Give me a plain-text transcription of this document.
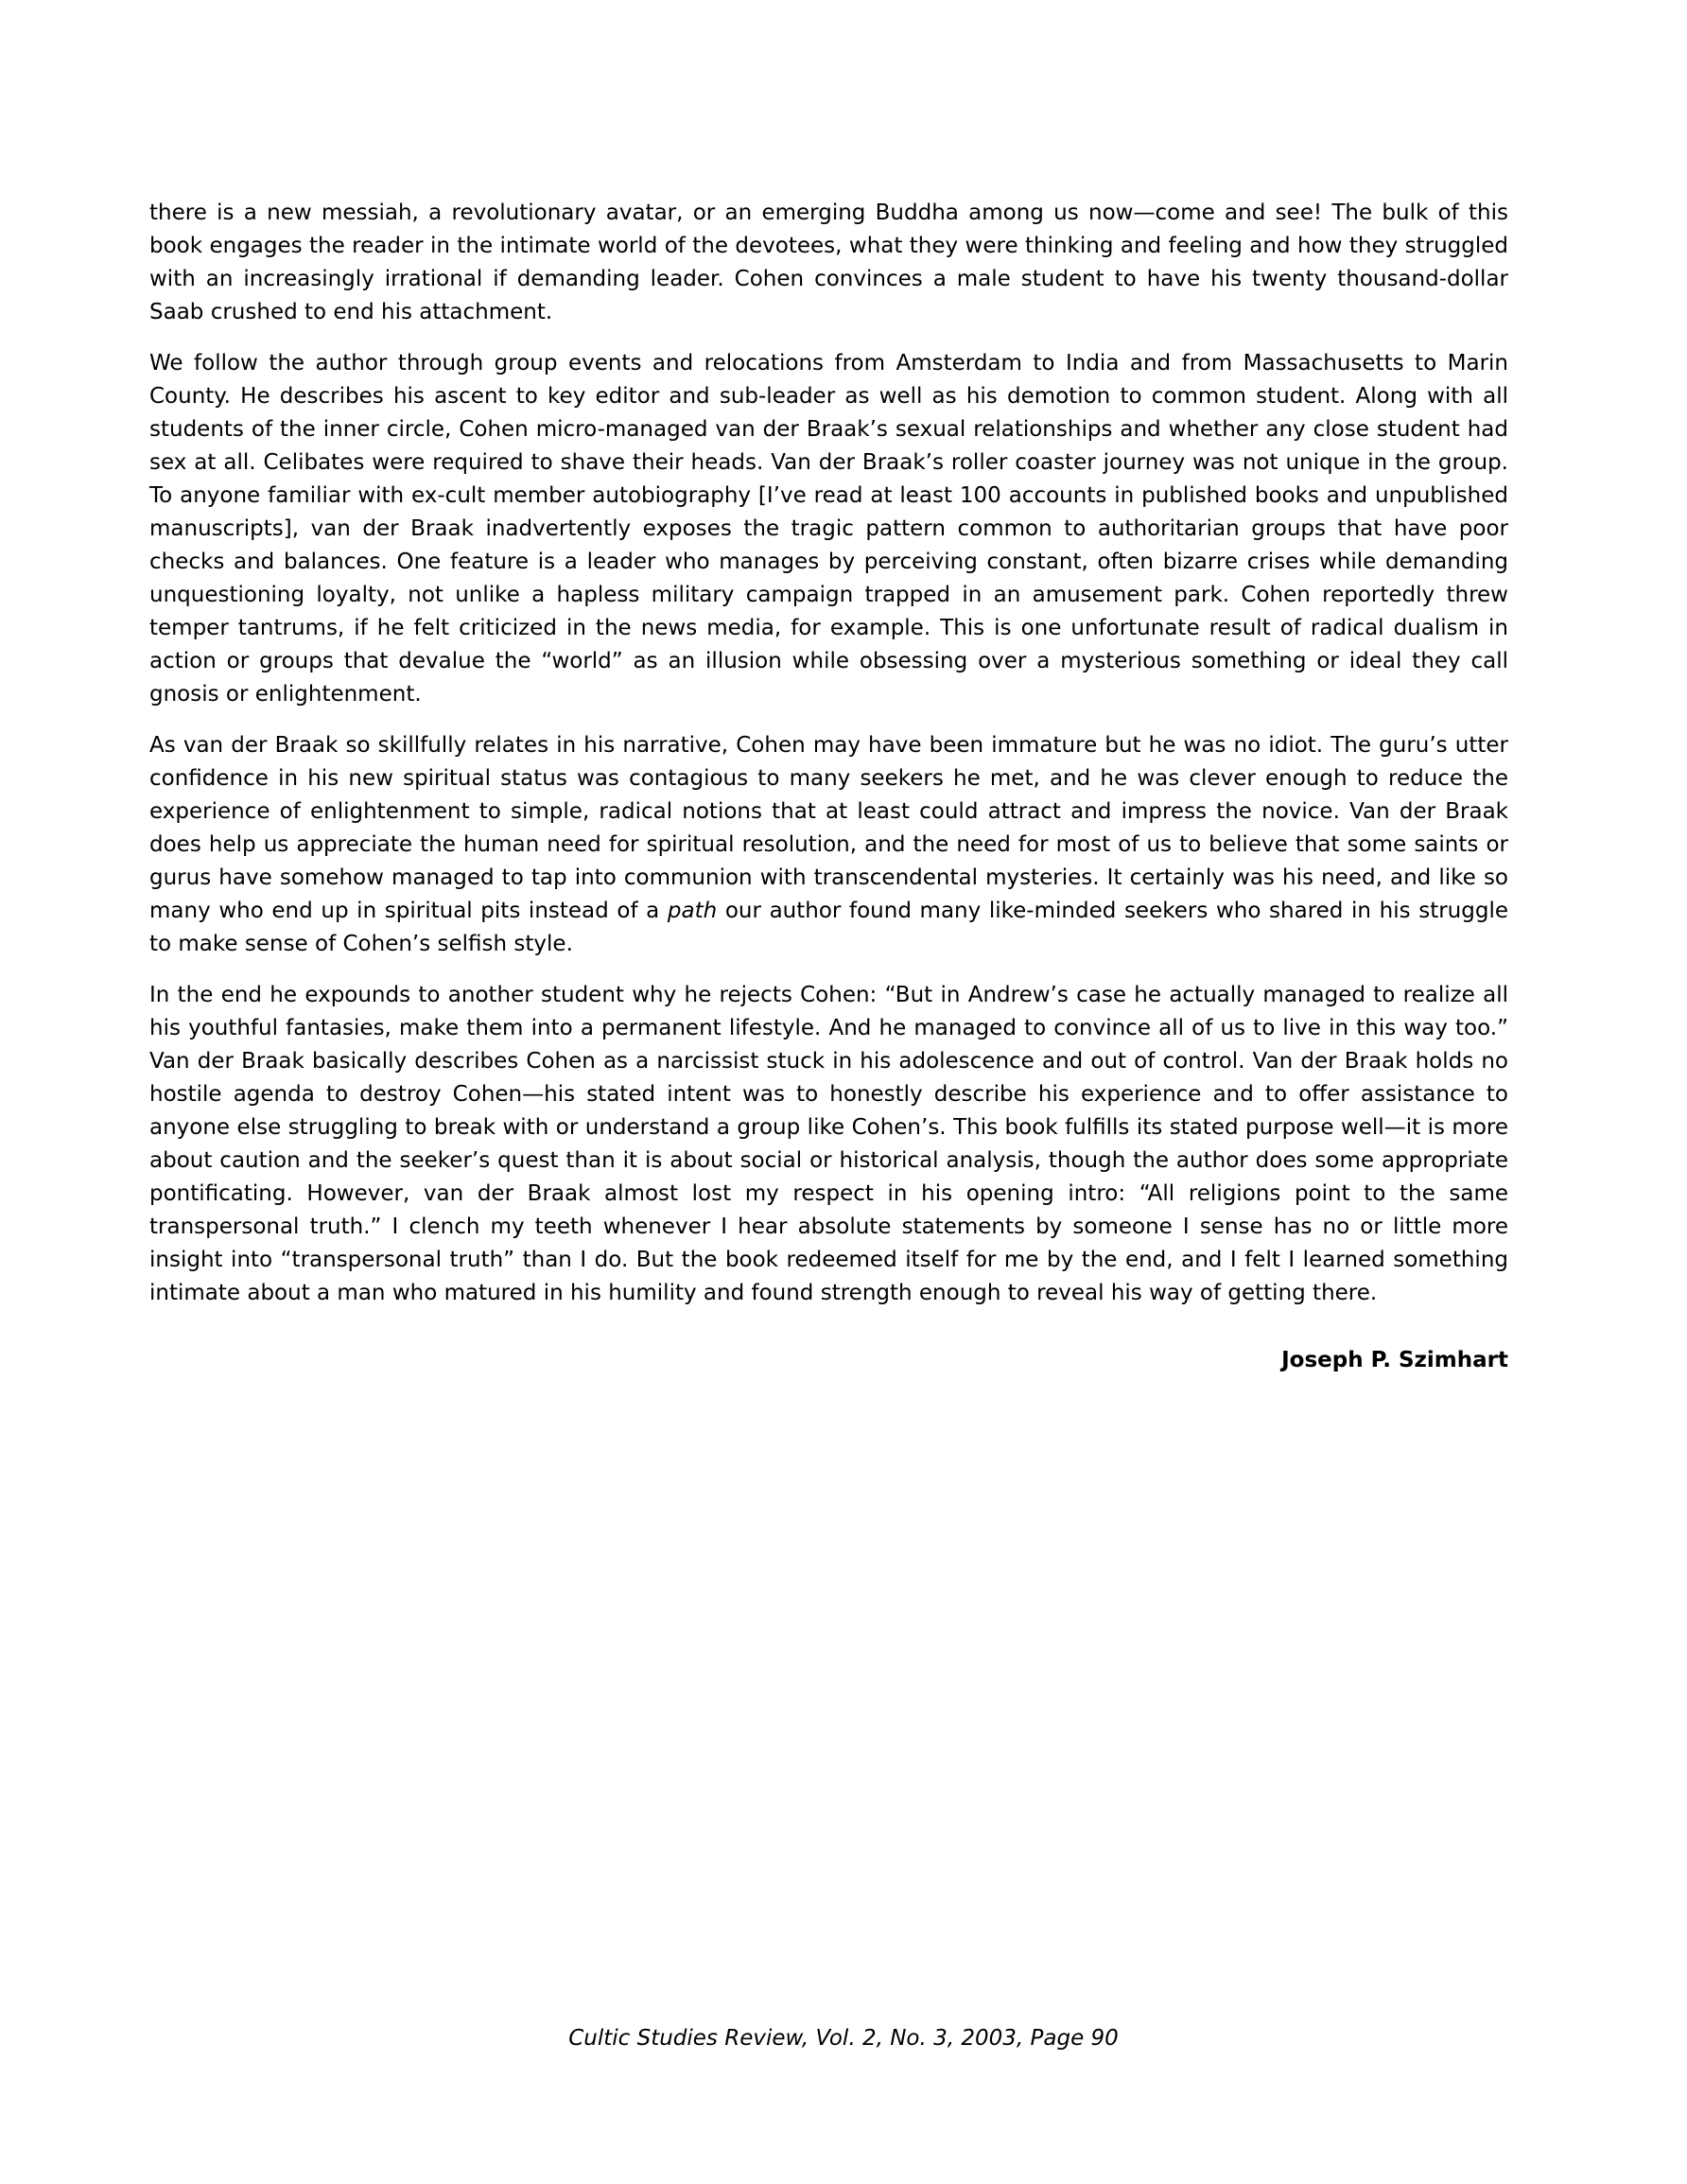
there is a new messiah, a revolutionary avatar, or an emerging Buddha among us now—come and see! The bulk of this book engages the reader in the intimate world of the devotees, what they were thinking and feeling and how they struggled with an increasingly irrational if demanding leader. Cohen convinces a male student to have his twenty thousand-dollar Saab crushed to end his attachment.

We follow the author through group events and relocations from Amsterdam to India and from Massachusetts to Marin County. He describes his ascent to key editor and sub-leader as well as his demotion to common student. Along with all students of the inner circle, Cohen micro-managed van der Braak’s sexual relationships and whether any close student had sex at all. Celibates were required to shave their heads. Van der Braak’s roller coaster journey was not unique in the group. To anyone familiar with ex-cult member autobiography [I’ve read at least 100 accounts in published books and unpublished manuscripts], van der Braak inadvertently exposes the tragic pattern common to authoritarian groups that have poor checks and balances. One feature is a leader who manages by perceiving constant, often bizarre crises while demanding unquestioning loyalty, not unlike a hapless military campaign trapped in an amusement park. Cohen reportedly threw temper tantrums, if he felt criticized in the news media, for example. This is one unfortunate result of radical dualism in action or groups that devalue the “world” as an illusion while obsessing over a mysterious something or ideal they call gnosis or enlightenment.

As van der Braak so skillfully relates in his narrative, Cohen may have been immature but he was no idiot. The guru’s utter confidence in his new spiritual status was contagious to many seekers he met, and he was clever enough to reduce the experience of enlightenment to simple, radical notions that at least could attract and impress the novice. Van der Braak does help us appreciate the human need for spiritual resolution, and the need for most of us to believe that some saints or gurus have somehow managed to tap into communion with transcendental mysteries. It certainly was his need, and like so many who end up in spiritual pits instead of a path our author found many like-minded seekers who shared in his struggle to make sense of Cohen’s selfish style.

In the end he expounds to another student why he rejects Cohen: “But in Andrew’s case he actually managed to realize all his youthful fantasies, make them into a permanent lifestyle. And he managed to convince all of us to live in this way too.” Van der Braak basically describes Cohen as a narcissist stuck in his adolescence and out of control. Van der Braak holds no hostile agenda to destroy Cohen—his stated intent was to honestly describe his experience and to offer assistance to anyone else struggling to break with or understand a group like Cohen’s. This book fulfills its stated purpose well—it is more about caution and the seeker’s quest than it is about social or historical analysis, though the author does some appropriate pontificating. However, van der Braak almost lost my respect in his opening intro: “All religions point to the same transpersonal truth.” I clench my teeth whenever I hear absolute statements by someone I sense has no or little more insight into “transpersonal truth” than I do. But the book redeemed itself for me by the end, and I felt I learned something intimate about a man who matured in his humility and found strength enough to reveal his way of getting there.

Joseph P. Szimhart

Cultic Studies Review, Vol. 2, No. 3, 2003, Page 90
